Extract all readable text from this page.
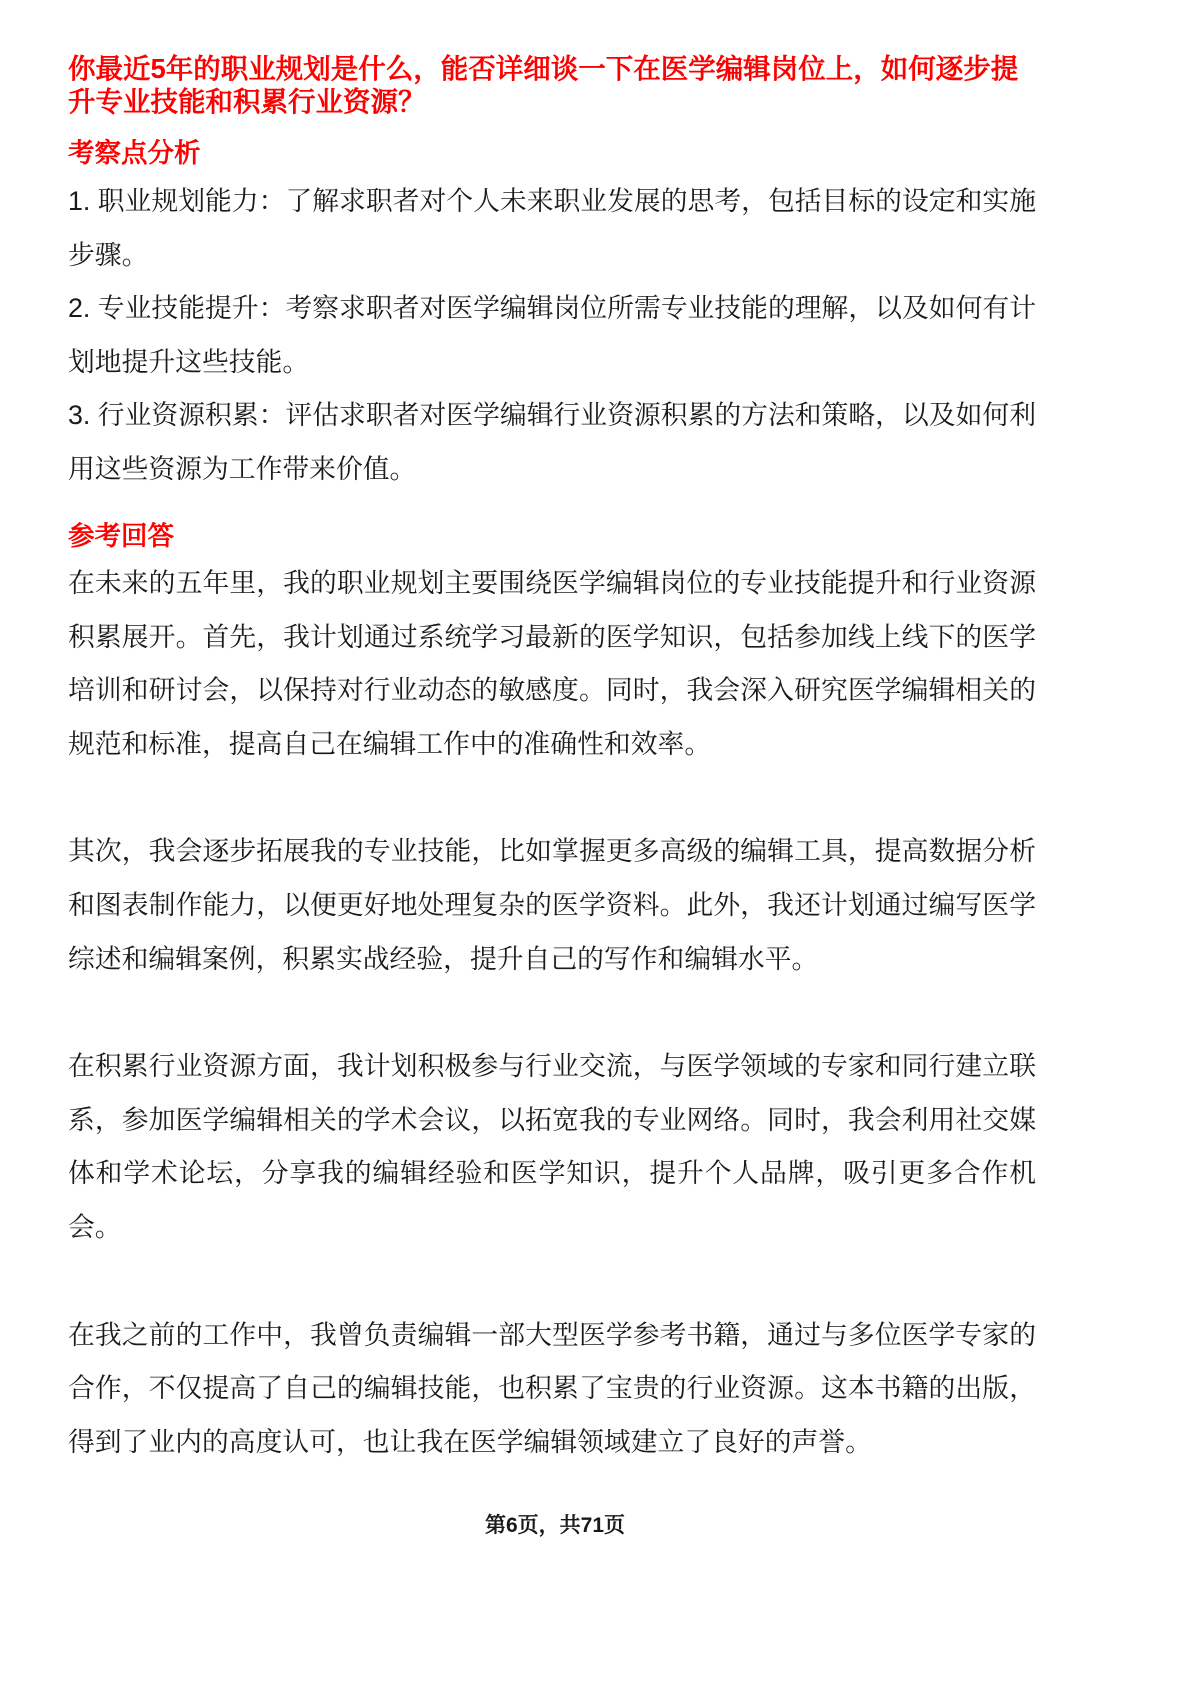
你最近5年的职业规划是什么，能否详细谈一下在医学编辑岗位上，如何逐步提升专业技能和积累行业资源？
考察点分析
1. 职业规划能力：了解求职者对个人未来职业发展的思考，包括目标的设定和实施步骤。
2. 专业技能提升：考察求职者对医学编辑岗位所需专业技能的理解，以及如何有计划地提升这些技能。
3. 行业资源积累：评估求职者对医学编辑行业资源积累的方法和策略，以及如何利用这些资源为工作带来价值。
参考回答

在未来的五年里，我的职业规划主要围绕医学编辑岗位的专业技能提升和行业资源积累展开。首先，我计划通过系统学习最新的医学知识，包括参加线上线下的医学培训和研讨会，以保持对行业动态的敏感度。同时，我会深入研究医学编辑相关的规范和标准，提高自己在编辑工作中的准确性和效率。

其次，我会逐步拓展我的专业技能，比如掌握更多高级的编辑工具，提高数据分析和图表制作能力，以便更好地处理复杂的医学资料。此外，我还计划通过编写医学综述和编辑案例，积累实战经验，提升自己的写作和编辑水平。

在积累行业资源方面，我计划积极参与行业交流，与医学领域的专家和同行建立联系，参加医学编辑相关的学术会议，以拓宽我的专业网络。同时，我会利用社交媒体和学术论坛，分享我的编辑经验和医学知识，提升个人品牌，吸引更多合作机会。

在我之前的工作中，我曾负责编辑一部大型医学参考书籍，通过与多位医学专家的合作，不仅提高了自己的编辑技能，也积累了宝贵的行业资源。这本书籍的出版，得到了业内的高度认可，也让我在医学编辑领域建立了良好的声誉。

第6页，共71页
